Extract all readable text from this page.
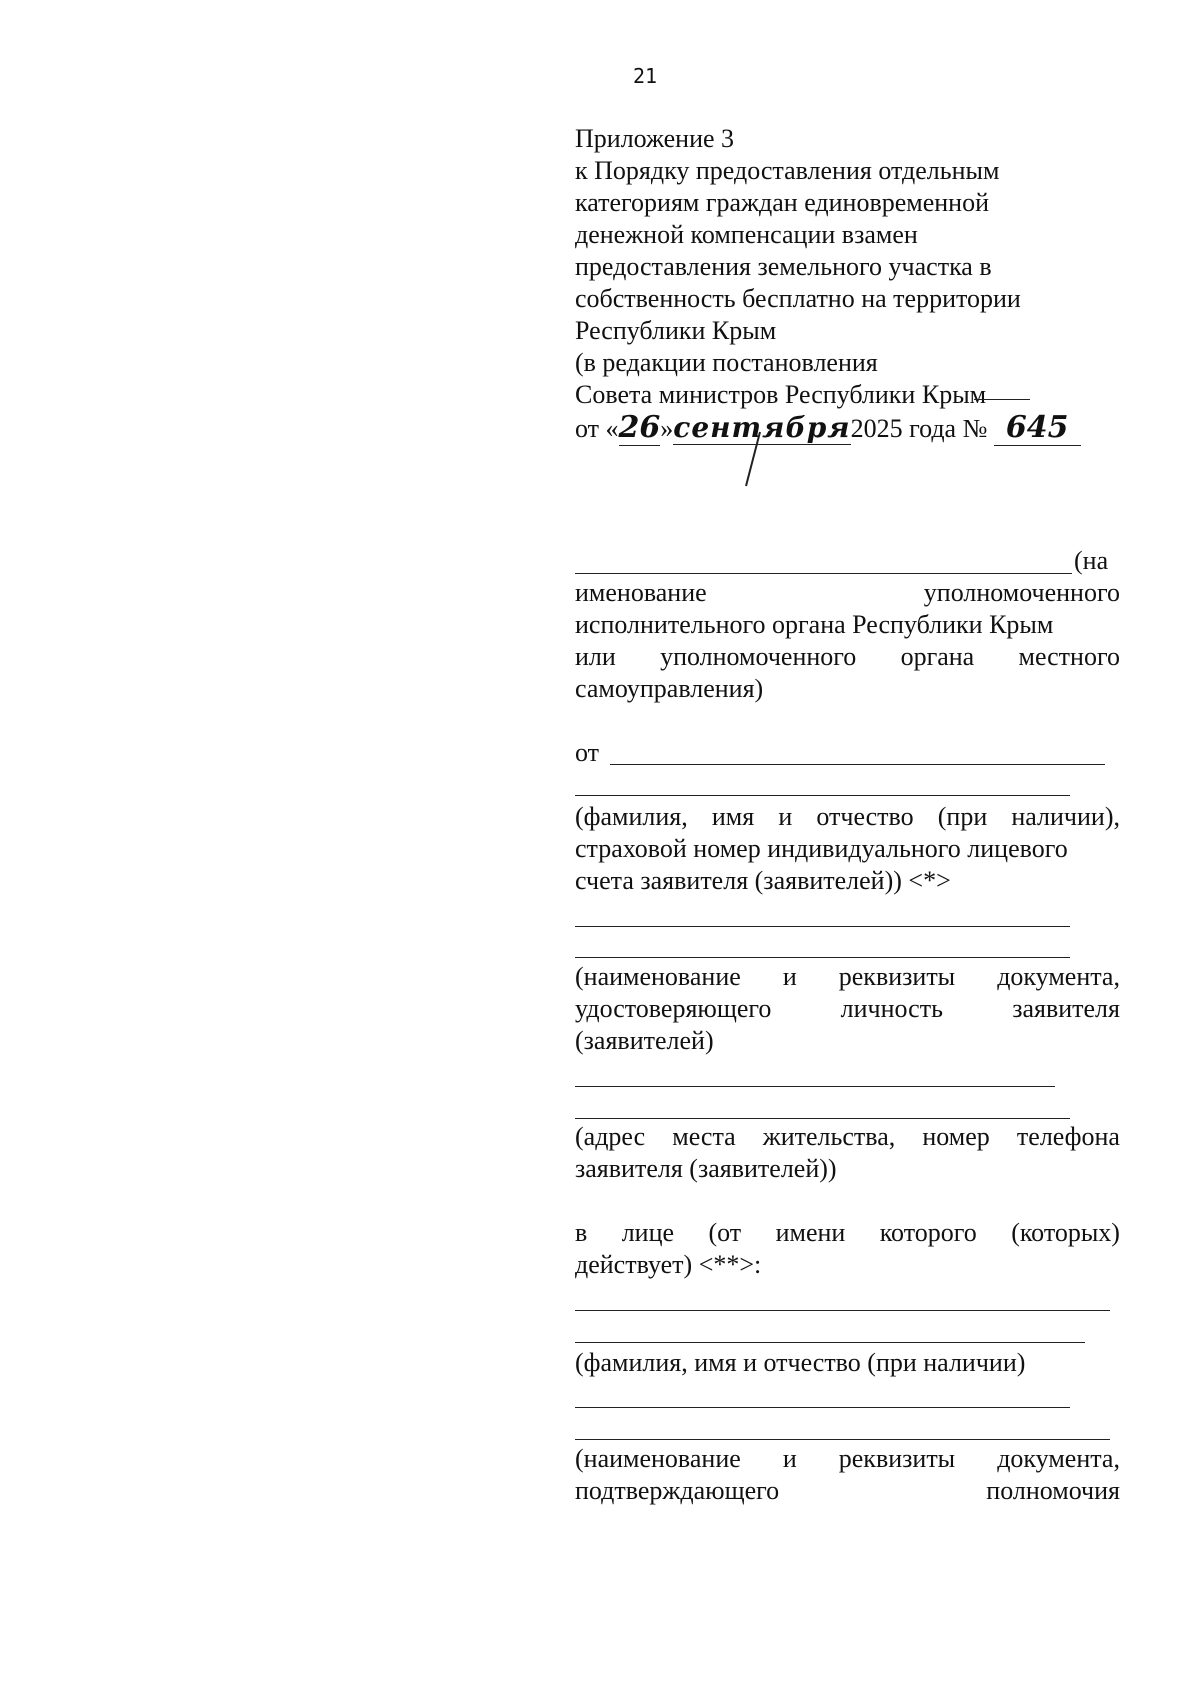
21
Приложение 3
к Порядку предоставления отдельным
категориям граждан единовременной
денежной компенсации взамен
предоставления земельного участка в
собственность бесплатно на территории
Республики Крым
(в редакции постановления
Совета министров Республики Крым
от «26»сентября2025 года № 645
(на
именование	уполномоченного
исполнительного органа Республики Крым
или уполномоченного органа местного
самоуправления)
от
(фамилия, имя и отчество (при наличии),
страховой номер индивидуального лицевого
счета заявителя (заявителей)) <*>
(наименование и реквизиты документа,
удостоверяющего	личность	заявителя
(заявителей)
(адрес места жительства, номер телефона
заявителя (заявителей))
в лице (от имени которого (которых)
действует) <**>:
(фамилия, имя и отчество (при наличии)
(наименование и реквизиты документа,
подтверждающего	полномочия
